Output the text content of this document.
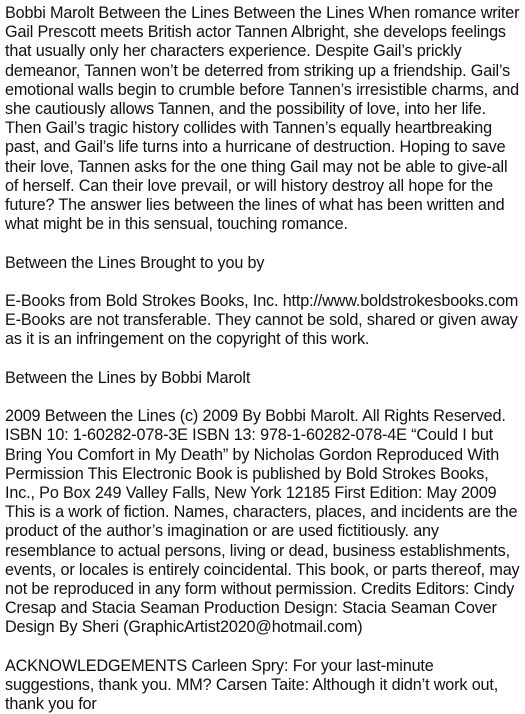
Bobbi Marolt Between the Lines Between the Lines When romance writer Gail Prescott meets British actor Tannen Albright, she develops feelings that usually only her characters experience. Despite Gail’s prickly demeanor, Tannen won’t be deterred from striking up a friendship. Gail’s emotional walls begin to crumble before Tannen’s irresistible charms, and she cautiously allows Tannen, and the possibility of love, into her life. Then Gail’s tragic history collides with Tannen’s equally heartbreaking past, and Gail’s life turns into a hurricane of destruction. Hoping to save their love, Tannen asks for the one thing Gail may not be able to give-all of herself. Can their love prevail, or will history destroy all hope for the future? The answer lies between the lines of what has been written and what might be in this sensual, touching romance.

Between the Lines Brought to you by

E-Books from Bold Strokes Books, Inc. http://www.boldstrokesbooks.com E-Books are not transferable. They cannot be sold, shared or given away as it is an infringement on the copyright of this work.

Between the Lines by Bobbi Marolt

2009 Between the Lines (c) 2009 By Bobbi Marolt. All Rights Reserved. ISBN 10: 1-60282-078-3E ISBN 13: 978-1-60282-078-4E “Could I but Bring You Comfort in My Death” by Nicholas Gordon Reproduced With Permission This Electronic Book is published by Bold Strokes Books, Inc., Po Box 249 Valley Falls, New York 12185 First Edition: May 2009 This is a work of fiction. Names, characters, places, and incidents are the product of the author’s imagination or are used fictitiously. any resemblance to actual persons, living or dead, business establishments, events, or locales is entirely coincidental. This book, or parts thereof, may not be reproduced in any form without permission. Credits Editors: Cindy Cresap and Stacia Seaman Production Design: Stacia Seaman Cover Design By Sheri (GraphicArtist2020@hotmail.com)

ACKNOWLEDGEMENTS Carleen Spry: For your last-minute suggestions, thank you. MM? Carsen Taite: Although it didn’t work out, thank you for
